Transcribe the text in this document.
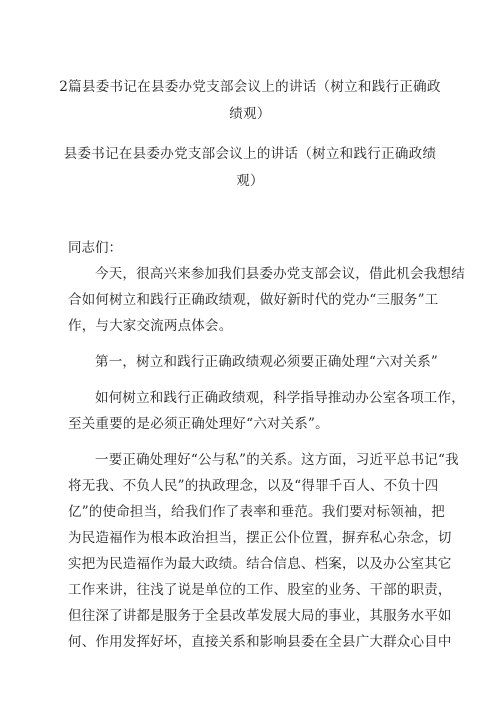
2篇县委书记在县委办党支部会议上的讲话（树立和践行正确政
绩观）
县委书记在县委办党支部会议上的讲话（树立和践行正确政绩
观）
同志们：

今天，很高兴来参加我们县委办党支部会议，借此机会我想结
合如何树立和践行正确政绩观，做好新时代的党办“三服务”工
作，与大家交流两点体会。

第一，树立和践行正确政绩观必须要正确处理“六对关系”

如何树立和践行正确政绩观，科学指导推动办公室各项工作，
至关重要的是必须正确处理好“六对关系”。

一要正确处理好“公与私”的关系。这方面，习近平总书记“我
将无我、不负人民”的执政理念，以及“得罪千百人、不负十四
亿”的使命担当，给我们作了表率和垂范。我们要对标领袖，把
为民造福作为根本政治担当，摆正公仆位置，摒弃私心杂念，切
实把为民造福作为最大政绩。结合信息、档案，以及办公室其它
工作来讲，往浅了说是单位的工作、股室的业务、干部的职责，
但往深了讲都是服务于全县改革发展大局的事业，其服务水平如
何、作用发挥好坏，直接关系和影响县委在全县广大群众心目中
